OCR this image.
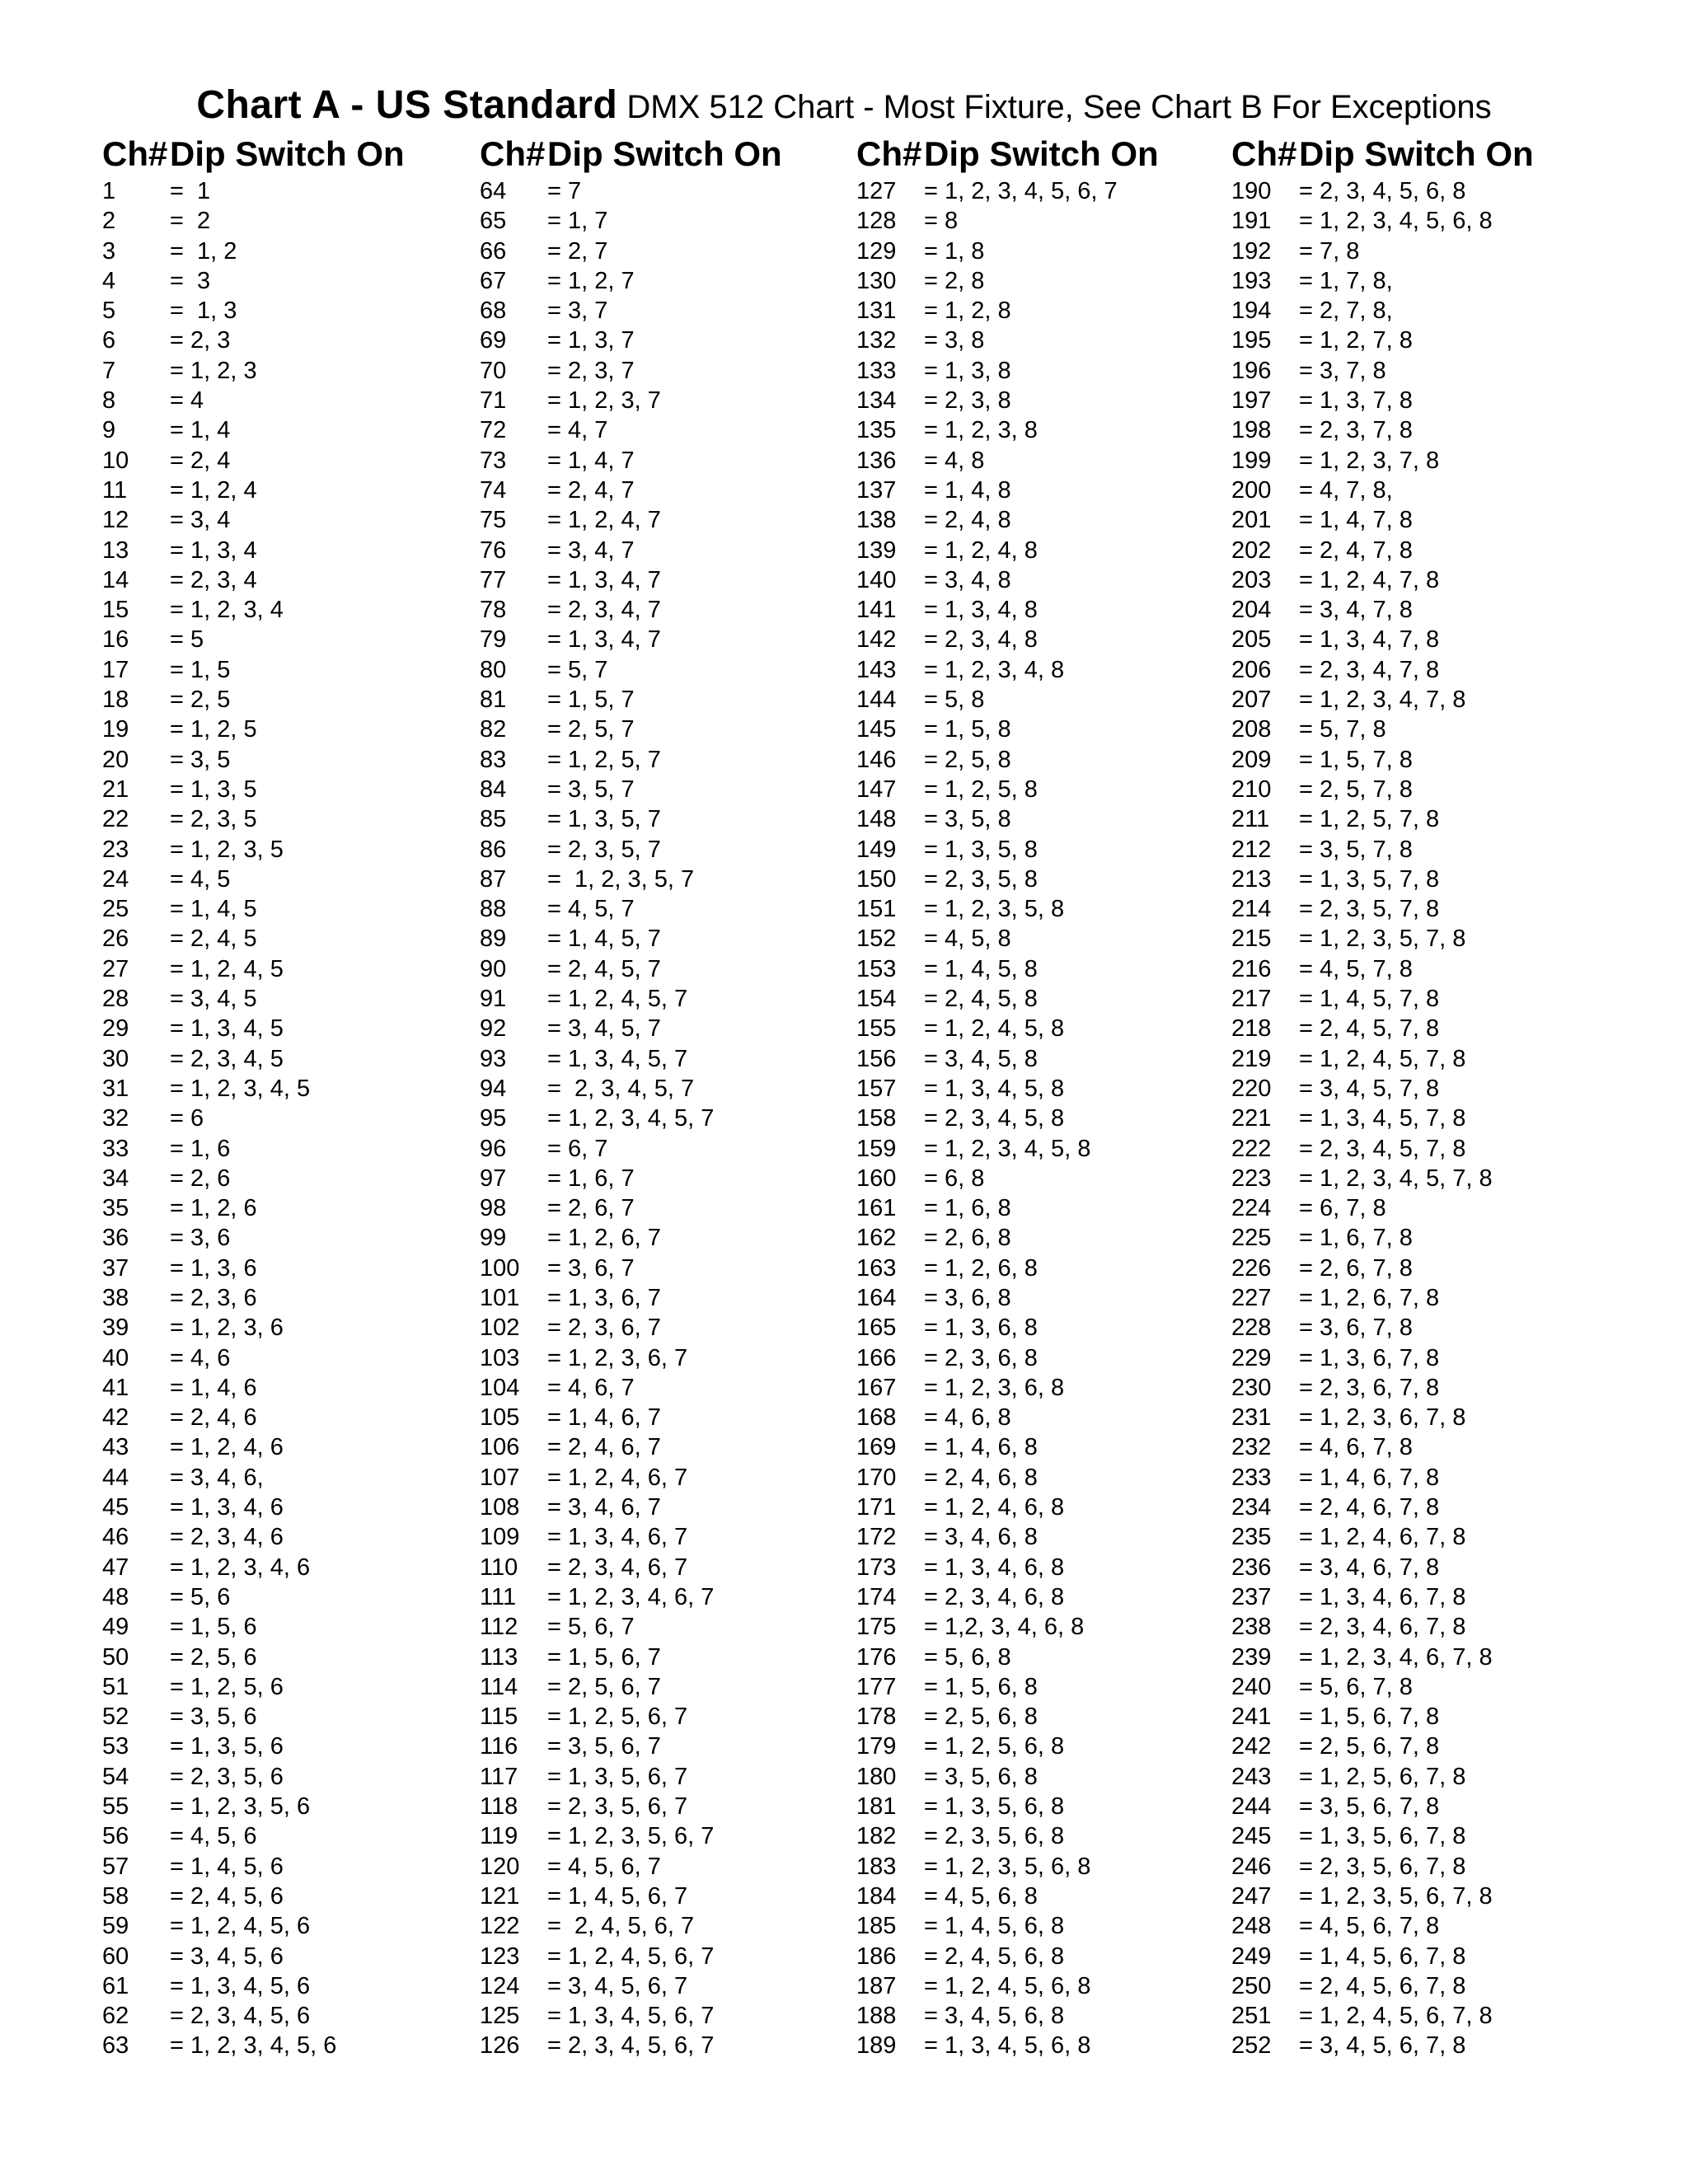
Chart A - US Standard DMX 512 Chart - Most Fixture, See Chart B For Exceptions
Ch#Dip Switch On
1 =  1
2 =  2
3 =  1, 2
4 =  3
5 =  1, 3
6 = 2, 3
7 = 1, 2, 3
8 = 4
9 = 1, 4
10 = 2, 4
11 = 1, 2, 4
12 = 3, 4
13 = 1, 3, 4
14 = 2, 3, 4
15 = 1, 2, 3, 4
16 = 5
17 = 1, 5
18 = 2, 5
19 = 1, 2, 5
20 = 3, 5
21 = 1, 3, 5
22 = 2, 3, 5
23 = 1, 2, 3, 5
24 = 4, 5
25 = 1, 4, 5
26 = 2, 4, 5
27 = 1, 2, 4, 5
28 = 3, 4, 5
29 = 1, 3, 4, 5
30 = 2, 3, 4, 5
31 = 1, 2, 3, 4, 5
32 = 6
33 = 1, 6
34 = 2, 6
35 = 1, 2, 6
36 = 3, 6
37 = 1, 3, 6
38 = 2, 3, 6
39 = 1, 2, 3, 6
40 = 4, 6
41 = 1, 4, 6
42 = 2, 4, 6
43 = 1, 2, 4, 6
44 = 3, 4, 6,
45 = 1, 3, 4, 6
46 = 2, 3, 4, 6
47 = 1, 2, 3, 4, 6
48 = 5, 6
49 = 1, 5, 6
50 = 2, 5, 6
51 = 1, 2, 5, 6
52 = 3, 5, 6
53 = 1, 3, 5, 6
54 = 2, 3, 5, 6
55 = 1, 2, 3, 5, 6
56 = 4, 5, 6
57 = 1, 4, 5, 6
58 = 2, 4, 5, 6
59 = 1, 2, 4, 5, 6
60 = 3, 4, 5, 6
61 = 1, 3, 4, 5, 6
62 = 2, 3, 4, 5, 6
63 = 1, 2, 3, 4, 5, 6
Ch#Dip Switch On
64 = 7
65 = 1, 7
66 = 2, 7
67 = 1, 2, 7
68 = 3, 7
69 = 1, 3, 7
70 = 2, 3, 7
71 = 1, 2, 3, 7
72 = 4, 7
73 = 1, 4, 7
74 = 2, 4, 7
75 = 1, 2, 4, 7
76 = 3, 4, 7
77 = 1, 3, 4, 7
78 = 2, 3, 4, 7
79 = 1, 3, 4, 7
80 = 5, 7
81 = 1, 5, 7
82 = 2, 5, 7
83 = 1, 2, 5, 7
84 = 3, 5, 7
85 = 1, 3, 5, 7
86 = 2, 3, 5, 7
87 =  1, 2, 3, 5, 7
88 = 4, 5, 7
89 = 1, 4, 5, 7
90 = 2, 4, 5, 7
91 = 1, 2, 4, 5, 7
92 = 3, 4, 5, 7
93 = 1, 3, 4, 5, 7
94 =  2, 3, 4, 5, 7
95 = 1, 2, 3, 4, 5, 7
96 = 6, 7
97 = 1, 6, 7
98 = 2, 6, 7
99 = 1, 2, 6, 7
100 = 3, 6, 7
101 = 1, 3, 6, 7
102 = 2, 3, 6, 7
103 = 1, 2, 3, 6, 7
104 = 4, 6, 7
105 = 1, 4, 6, 7
106 = 2, 4, 6, 7
107 = 1, 2, 4, 6, 7
108 = 3, 4, 6, 7
109 = 1, 3, 4, 6, 7
110 = 2, 3, 4, 6, 7
111 = 1, 2, 3, 4, 6, 7
112 = 5, 6, 7
113 = 1, 5, 6, 7
114 = 2, 5, 6, 7
115 = 1, 2, 5, 6, 7
116 = 3, 5, 6, 7
117 = 1, 3, 5, 6, 7
118 = 2, 3, 5, 6, 7
119 = 1, 2, 3, 5, 6, 7
120 = 4, 5, 6, 7
121 = 1, 4, 5, 6, 7
122 =  2, 4, 5, 6, 7
123 = 1, 2, 4, 5, 6, 7
124 = 3, 4, 5, 6, 7
125 = 1, 3, 4, 5, 6, 7
126 = 2, 3, 4, 5, 6, 7
Ch#Dip Switch On
127 = 1, 2, 3, 4, 5, 6, 7
128 = 8
129 = 1, 8
130 = 2, 8
131 = 1, 2, 8
132 = 3, 8
133 = 1, 3, 8
134 = 2, 3, 8
135 = 1, 2, 3, 8
136 = 4, 8
137 = 1, 4, 8
138 = 2, 4, 8
139 = 1, 2, 4, 8
140 = 3, 4, 8
141 = 1, 3, 4, 8
142 = 2, 3, 4, 8
143 = 1, 2, 3, 4, 8
144 = 5, 8
145 = 1, 5, 8
146 = 2, 5, 8
147 = 1, 2, 5, 8
148 = 3, 5, 8
149 = 1, 3, 5, 8
150 = 2, 3, 5, 8
151 = 1, 2, 3, 5, 8
152 = 4, 5, 8
153 = 1, 4, 5, 8
154 = 2, 4, 5, 8
155 = 1, 2, 4, 5, 8
156 = 3, 4, 5, 8
157 = 1, 3, 4, 5, 8
158 = 2, 3, 4, 5, 8
159 = 1, 2, 3, 4, 5, 8
160 = 6, 8
161 = 1, 6, 8
162 = 2, 6, 8
163 = 1, 2, 6, 8
164 = 3, 6, 8
165 = 1, 3, 6, 8
166 = 2, 3, 6, 8
167 = 1, 2, 3, 6, 8
168 = 4, 6, 8
169 = 1, 4, 6, 8
170 = 2, 4, 6, 8
171 = 1, 2, 4, 6, 8
172 = 3, 4, 6, 8
173 = 1, 3, 4, 6, 8
174 = 2, 3, 4, 6, 8
175 = 1,2, 3, 4, 6, 8
176 = 5, 6, 8
177 = 1, 5, 6, 8
178 = 2, 5, 6, 8
179 = 1, 2, 5, 6, 8
180 = 3, 5, 6, 8
181 = 1, 3, 5, 6, 8
182 = 2, 3, 5, 6, 8
183 = 1, 2, 3, 5, 6, 8
184 = 4, 5, 6, 8
185 = 1, 4, 5, 6, 8
186 = 2, 4, 5, 6, 8
187 = 1, 2, 4, 5, 6, 8
188 = 3, 4, 5, 6, 8
189 = 1, 3, 4, 5, 6, 8
Ch#Dip Switch On
190 = 2, 3, 4, 5, 6, 8
191 = 1, 2, 3, 4, 5, 6, 8
192 = 7, 8
193 = 1, 7, 8,
194 = 2, 7, 8,
195 = 1, 2, 7, 8
196 = 3, 7, 8
197 = 1, 3, 7, 8
198 = 2, 3, 7, 8
199 = 1, 2, 3, 7, 8
200 = 4, 7, 8,
201 = 1, 4, 7, 8
202 = 2, 4, 7, 8
203 = 1, 2, 4, 7, 8
204 = 3, 4, 7, 8
205 = 1, 3, 4, 7, 8
206 = 2, 3, 4, 7, 8
207 = 1, 2, 3, 4, 7, 8
208 = 5, 7, 8
209 = 1, 5, 7, 8
210 = 2, 5, 7, 8
211 = 1, 2, 5, 7, 8
212 = 3, 5, 7, 8
213 = 1, 3, 5, 7, 8
214 = 2, 3, 5, 7, 8
215 = 1, 2, 3, 5, 7, 8
216 = 4, 5, 7, 8
217 = 1, 4, 5, 7, 8
218 = 2, 4, 5, 7, 8
219 = 1, 2, 4, 5, 7, 8
220 = 3, 4, 5, 7, 8
221 = 1, 3, 4, 5, 7, 8
222 = 2, 3, 4, 5, 7, 8
223 = 1, 2, 3, 4, 5, 7, 8
224 = 6, 7, 8
225 = 1, 6, 7, 8
226 = 2, 6, 7, 8
227 = 1, 2, 6, 7, 8
228 = 3, 6, 7, 8
229 = 1, 3, 6, 7, 8
230 = 2, 3, 6, 7, 8
231 = 1, 2, 3, 6, 7, 8
232 = 4, 6, 7, 8
233 = 1, 4, 6, 7, 8
234 = 2, 4, 6, 7, 8
235 = 1, 2, 4, 6, 7, 8
236 = 3, 4, 6, 7, 8
237 = 1, 3, 4, 6, 7, 8
238 = 2, 3, 4, 6, 7, 8
239 = 1, 2, 3, 4, 6, 7, 8
240 = 5, 6, 7, 8
241 = 1, 5, 6, 7, 8
242 = 2, 5, 6, 7, 8
243 = 1, 2, 5, 6, 7, 8
244 = 3, 5, 6, 7, 8
245 = 1, 3, 5, 6, 7, 8
246 = 2, 3, 5, 6, 7, 8
247 = 1, 2, 3, 5, 6, 7, 8
248 = 4, 5, 6, 7, 8
249 = 1, 4, 5, 6, 7, 8
250 = 2, 4, 5, 6, 7, 8
251 = 1, 2, 4, 5, 6, 7, 8
252 = 3, 4, 5, 6, 7, 8
